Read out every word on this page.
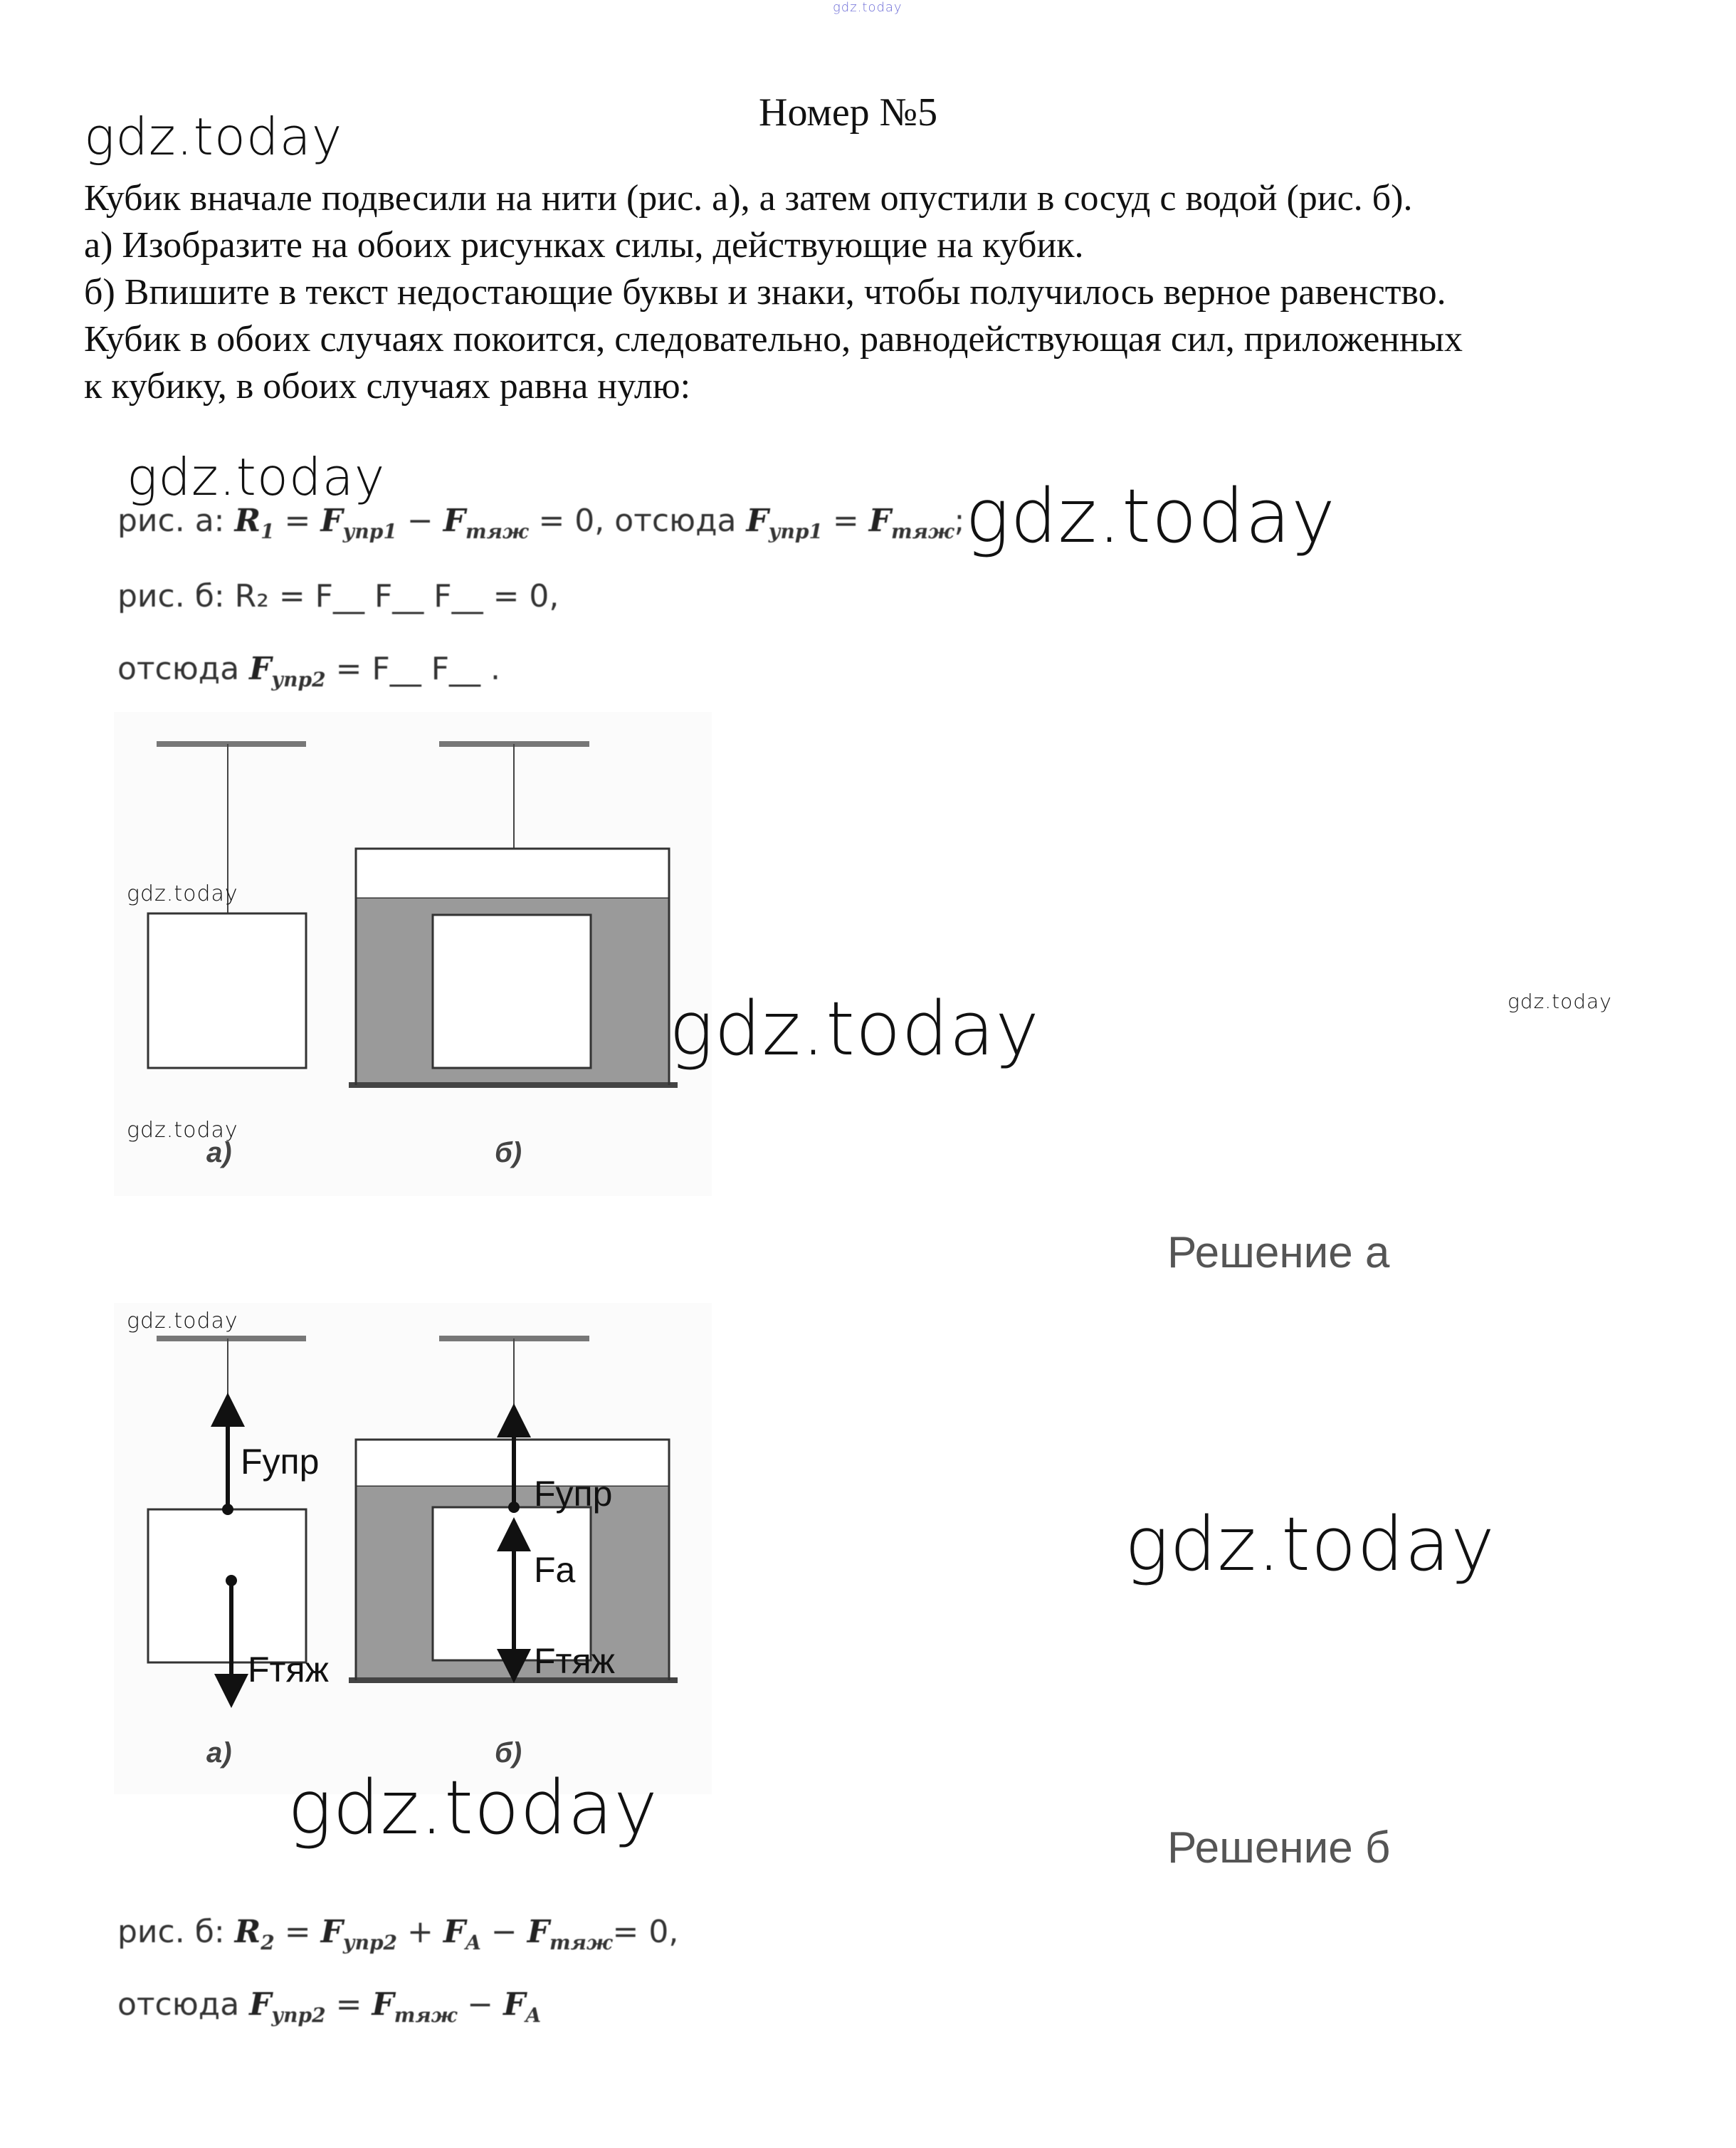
gdz.today
gdz.today	Номер №5

Кубик вначале подвесили на нити (рис. а), а затем опустили в сосуд с водой (рис. б).

а) Изобразите на обоих рисунках силы, действующие на кубик.

б) Впишите в текст недостающие буквы и знаки, чтобы получилось верное равенство.

Кубик в обоих случаях покоится, следовательно, равнодействующая сил, приложенных к кубику, в обоих случаях равна нулю:

gdz.today
рис. а: $R_1 = F_{упр1} - F_{тяж} = 0$, отсюда $F_{упр1} = F_{тяж}$; gdz.today
рис. б: R₂ = F__ F__ F__ = 0,
отсюда $F_{упр2}$ = F__ F__ .
а)	б)
gdz.today
gdz.today	gdz.today
gdz.today
Решение а
Fупр
Fтяж
Fупр
Fа
Fтяж
а)	б)
gdz.today
gdz.today
gdz.today	Решение б
рис. б: $R_2 = F_{упр2} + F_A - F_{тяж}= 0$,
отсюда $F_{упр2} = F_{тяж} - F_A$
